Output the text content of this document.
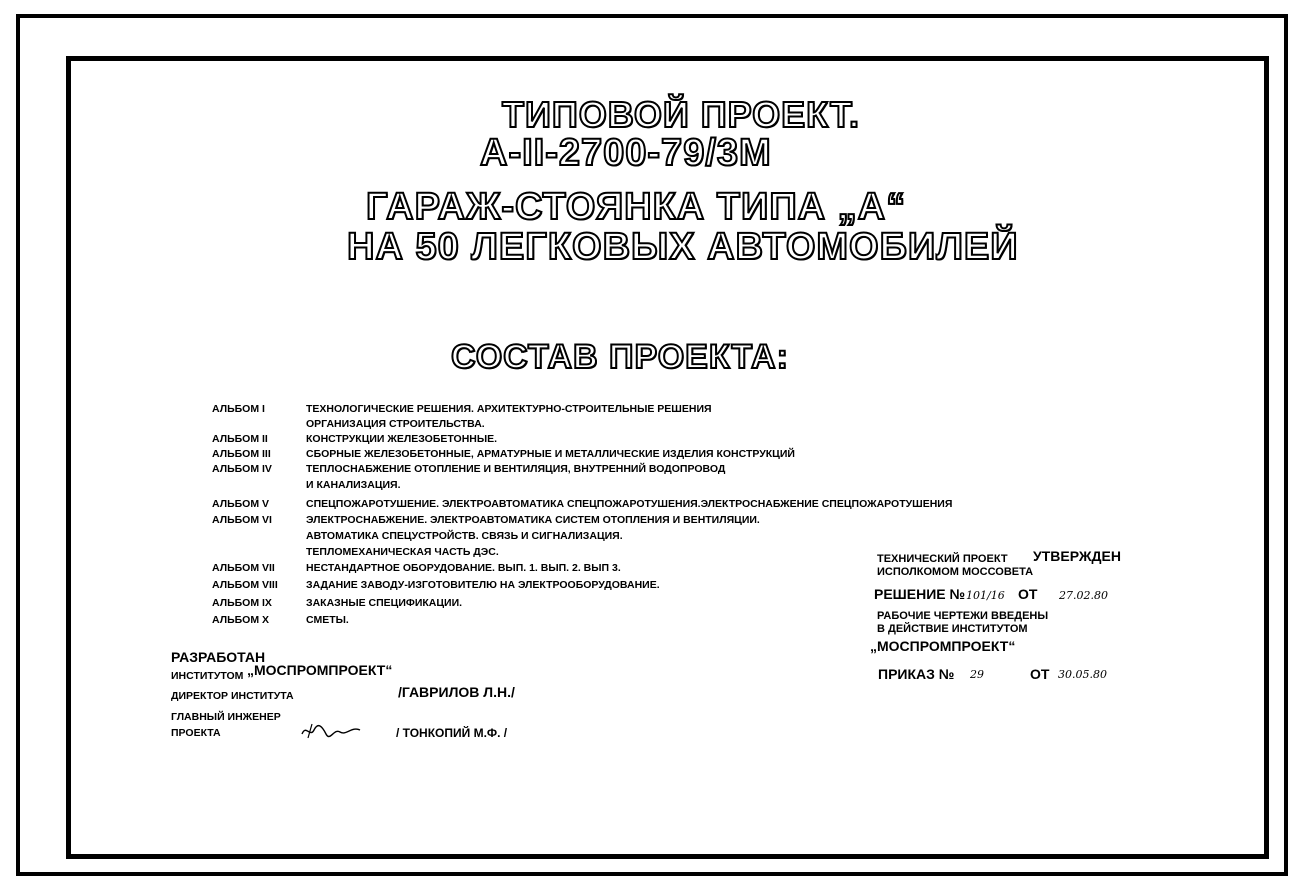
ТИПОВОЙ ПРОЕКТ.
А-II-2700-79/3М
ГАРАЖ-СТОЯНКА ТИПА „А“
НА 50 ЛЕГКОВЫХ АВТОМОБИЛЕЙ
СОСТАВ ПРОЕКТА:
АЛЬБОМ I	ТЕХНОЛОГИЧЕСКИЕ РЕШЕНИЯ. АРХИТЕКТУРНО-СТРОИТЕЛЬНЫЕ РЕШЕНИЯ
ОРГАНИЗАЦИЯ СТРОИТЕЛЬСТВА.
АЛЬБОМ II	КОНСТРУКЦИИ ЖЕЛЕЗОБЕТОННЫЕ.
АЛЬБОМ III	СБОРНЫЕ ЖЕЛЕЗОБЕТОННЫЕ, АРМАТУРНЫЕ И МЕТАЛЛИЧЕСКИЕ ИЗДЕЛИЯ КОНСТРУКЦИЙ
АЛЬБОМ IV	ТЕПЛОСНАБЖЕНИЕ ОТОПЛЕНИЕ И ВЕНТИЛЯЦИЯ, ВНУТРЕННИЙ ВОДОПРОВОД
И КАНАЛИЗАЦИЯ.
АЛЬБОМ V	СПЕЦПОЖАРОТУШЕНИЕ. ЭЛЕКТРОАВТОМАТИКА СПЕЦПОЖАРОТУШЕНИЯ.ЭЛЕКТРОСНАБЖЕНИЕ СПЕЦПОЖАРОТУШЕНИЯ
АЛЬБОМ VI	ЭЛЕКТРОСНАБЖЕНИЕ. ЭЛЕКТРОАВТОМАТИКА СИСТЕМ ОТОПЛЕНИЯ И ВЕНТИЛЯЦИИ.
АВТОМАТИКА СПЕЦУСТРОЙСТВ. СВЯЗЬ И СИГНАЛИЗАЦИЯ.
ТЕПЛОМЕХАНИЧЕСКАЯ ЧАСТЬ ДЭС.
АЛЬБОМ VII	НЕСТАНДАРТНОЕ ОБОРУДОВАНИЕ. ВЫП. 1. ВЫП. 2. ВЫП 3.
АЛЬБОМ VIII	ЗАДАНИЕ ЗАВОДУ-ИЗГОТОВИТЕЛЮ НА ЭЛЕКТРООБОРУДОВАНИЕ.
АЛЬБОМ IX	ЗАКАЗНЫЕ СПЕЦИФИКАЦИИ.
АЛЬБОМ X	СМЕТЫ.
ТЕХНИЧЕСКИЙ ПРОЕКТ УТВЕРЖДЕН
ИСПОЛКОМОМ МОССОВЕТА
РЕШЕНИЕ № 101/16 ОТ 27.02.80
РАБОЧИЕ ЧЕРТЕЖИ ВВЕДЕНЫ
В ДЕЙСТВИЕ ИНСТИТУТОМ
„МОСПРОМПРОЕКТ“
ПРИКАЗ № 29	ОТ 30.05.80
РАЗРАБОТАН
ИНСТИТУТОМ „МОСПРОМПРОЕКТ“
ДИРЕКТОР ИНСТИТУТА	/ГАВРИЛОВ Л.Н./
ГЛАВНЫЙ ИНЖЕНЕР
ПРОЕКТА	/ ТОНКОПИЙ М.Ф. /
